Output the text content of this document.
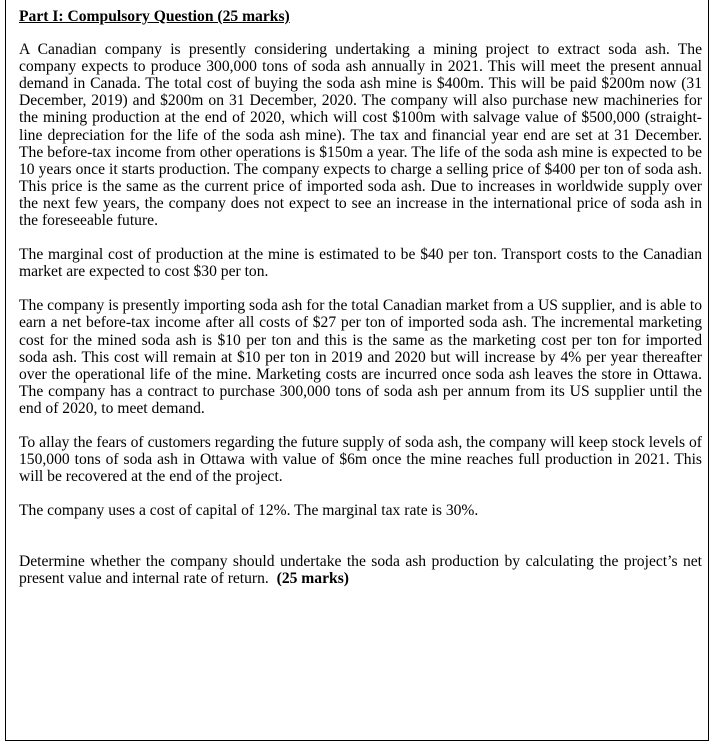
Part I: Compulsory Question (25 marks)

A Canadian company is presently considering undertaking a mining project to extract soda ash. The company expects to produce 300,000 tons of soda ash annually in 2021. This will meet the present annual demand in Canada. The total cost of buying the soda ash mine is $400m. This will be paid $200m now (31 December, 2019) and $200m on 31 December, 2020. The company will also purchase new machineries for the mining production at the end of 2020, which will cost $100m with salvage value of $500,000 (straight-line depreciation for the life of the soda ash mine). The tax and financial year end are set at 31 December. The before-tax income from other operations is $150m a year. The life of the soda ash mine is expected to be 10 years once it starts production. The company expects to charge a selling price of $400 per ton of soda ash. This price is the same as the current price of imported soda ash. Due to increases in worldwide supply over the next few years, the company does not expect to see an increase in the international price of soda ash in the foreseeable future.

The marginal cost of production at the mine is estimated to be $40 per ton. Transport costs to the Canadian market are expected to cost $30 per ton.

The company is presently importing soda ash for the total Canadian market from a US supplier, and is able to earn a net before-tax income after all costs of $27 per ton of imported soda ash. The incremental marketing cost for the mined soda ash is $10 per ton and this is the same as the marketing cost per ton for imported soda ash. This cost will remain at $10 per ton in 2019 and 2020 but will increase by 4% per year thereafter over the operational life of the mine. Marketing costs are incurred once soda ash leaves the store in Ottawa. The company has a contract to purchase 300,000 tons of soda ash per annum from its US supplier until the end of 2020, to meet demand.

To allay the fears of customers regarding the future supply of soda ash, the company will keep stock levels of 150,000 tons of soda ash in Ottawa with value of $6m once the mine reaches full production in 2021. This will be recovered at the end of the project.

The company uses a cost of capital of 12%. The marginal tax rate is 30%.

Determine whether the company should undertake the soda ash production by calculating the project’s net present value and internal rate of return. (25 marks)
